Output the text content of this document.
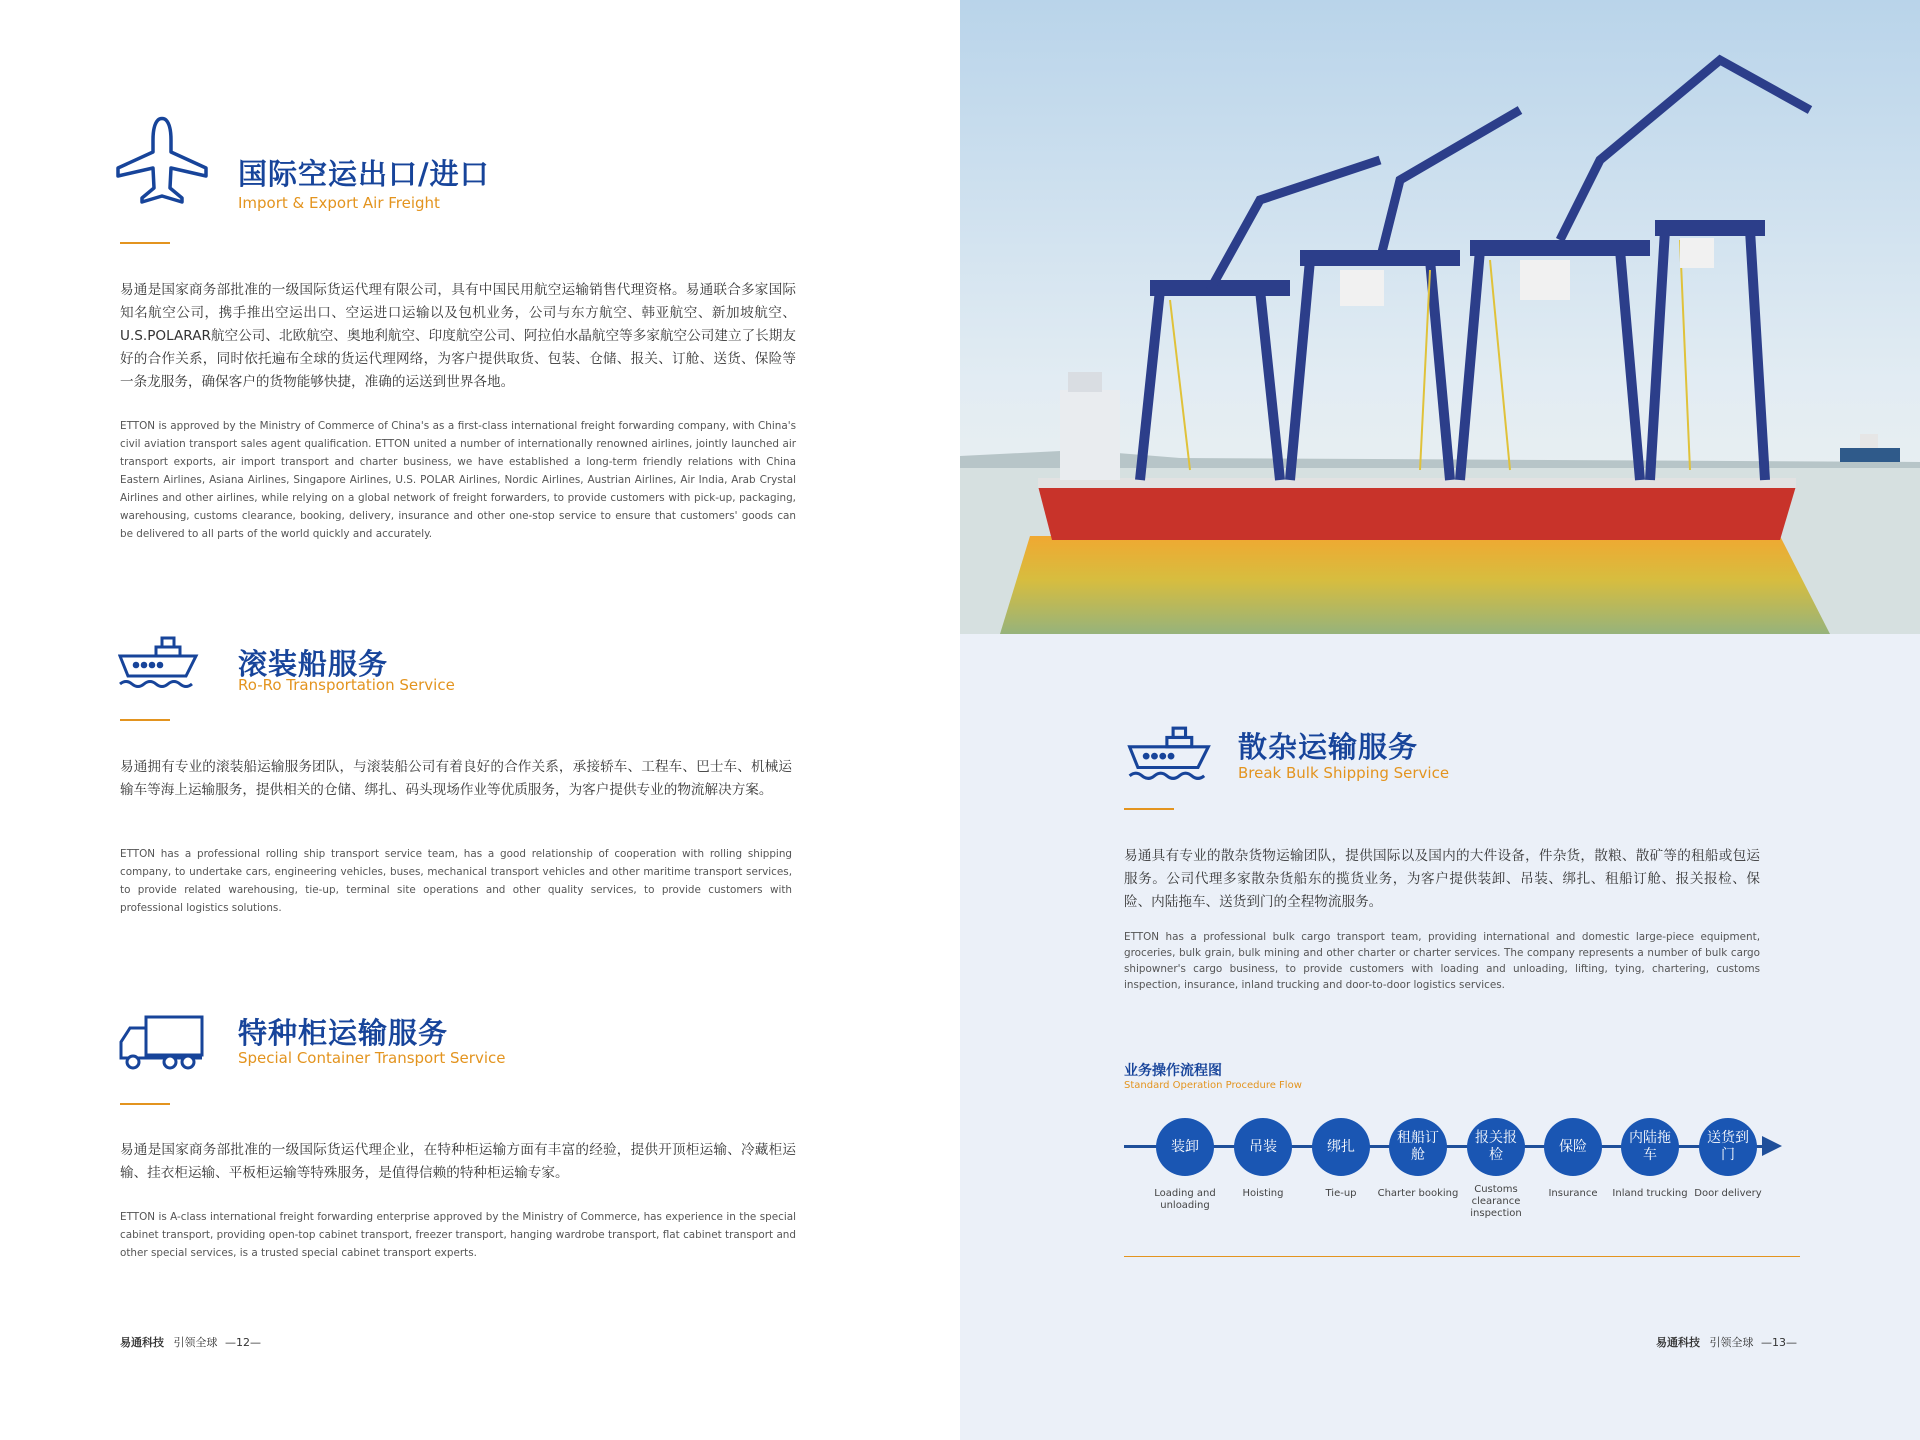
国际空运出口/进口
Import & Export Air Freight
易通是国家商务部批准的一级国际货运代理有限公司，具有中国民用航空运输销售代理资格。易通联合多家国际知名航空公司，携手推出空运出口、空运进口运输以及包机业务，公司与东方航空、韩亚航空、新加坡航空、U.S.POLARAR航空公司、北欧航空、奥地利航空、印度航空公司、阿拉伯水晶航空等多家航空公司建立了长期友好的合作关系，同时依托遍布全球的货运代理网络，为客户提供取货、包装、仓储、报关、订舱、送货、保险等一条龙服务，确保客户的货物能够快捷，准确的运送到世界各地。
ETTON is approved by the Ministry of Commerce of China's as a first-class international freight forwarding company, with China's civil aviation transport sales agent qualification. ETTON united a number of internationally renowned airlines, jointly launched air transport exports, air import transport and charter business, we have established a long-term friendly relations with China Eastern Airlines, Asiana Airlines, Singapore Airlines, U.S. POLAR Airlines, Nordic Airlines, Austrian Airlines, Air India, Arab Crystal Airlines and other airlines, while relying on a global network of freight forwarders, to provide customers with pick-up, packaging, warehousing, customs clearance, booking, delivery, insurance and other one-stop service to ensure that customers' goods can be delivered to all parts of the world quickly and accurately.
滚装船服务
Ro-Ro Transportation Service
易通拥有专业的滚装船运输服务团队，与滚装船公司有着良好的合作关系，承接轿车、工程车、巴士车、机械运输车等海上运输服务，提供相关的仓储、绑扎、码头现场作业等优质服务，为客户提供专业的物流解决方案。
ETTON has a professional rolling ship transport service team, has a good relationship of cooperation with rolling shipping company, to undertake cars, engineering vehicles, buses, mechanical transport vehicles and other maritime transport services, to provide related warehousing, tie-up, terminal site operations and other quality services, to provide customers with professional logistics solutions.
特种柜运输服务
Special Container Transport Service
易通是国家商务部批准的一级国际货运代理企业，在特种柜运输方面有丰富的经验，提供开顶柜运输、冷藏柜运输、挂衣柜运输、平板柜运输等特殊服务，是值得信赖的特种柜运输专家。
ETTON is A-class international freight forwarding enterprise approved by the Ministry of Commerce, has experience in the special cabinet transport, providing open-top cabinet transport, freezer transport, hanging wardrobe transport, flat cabinet transport and other special services, is a trusted special cabinet transport experts.
易通科技 引领全球 —12—
散杂运输服务
Break Bulk Shipping Service
易通具有专业的散杂货物运输团队，提供国际以及国内的大件设备，件杂货，散粮、散矿等的租船或包运服务。公司代理多家散杂货船东的揽货业务，为客户提供装卸、吊装、绑扎、租船订舱、报关报检、保险、内陆拖车、送货到门的全程物流服务。
ETTON has a professional bulk cargo transport team, providing international and domestic large-piece equipment, groceries, bulk grain, bulk mining and other charter or charter services. The company represents a number of bulk cargo shipowner's cargo business, to provide customers with loading and unloading, lifting, tying, chartering, customs inspection, insurance, inland trucking and door-to-door logistics services.
业务操作流程图
Standard Operation Procedure Flow
装卸
Loading and unloading
吊装
Hoisting
绑扎
Tie-up
租船订舱
Charter booking
报关报检
Customs clearance inspection
保险
Insurance
内陆拖车
Inland trucking
送货到门
Door delivery
易通科技 引领全球 —13—
